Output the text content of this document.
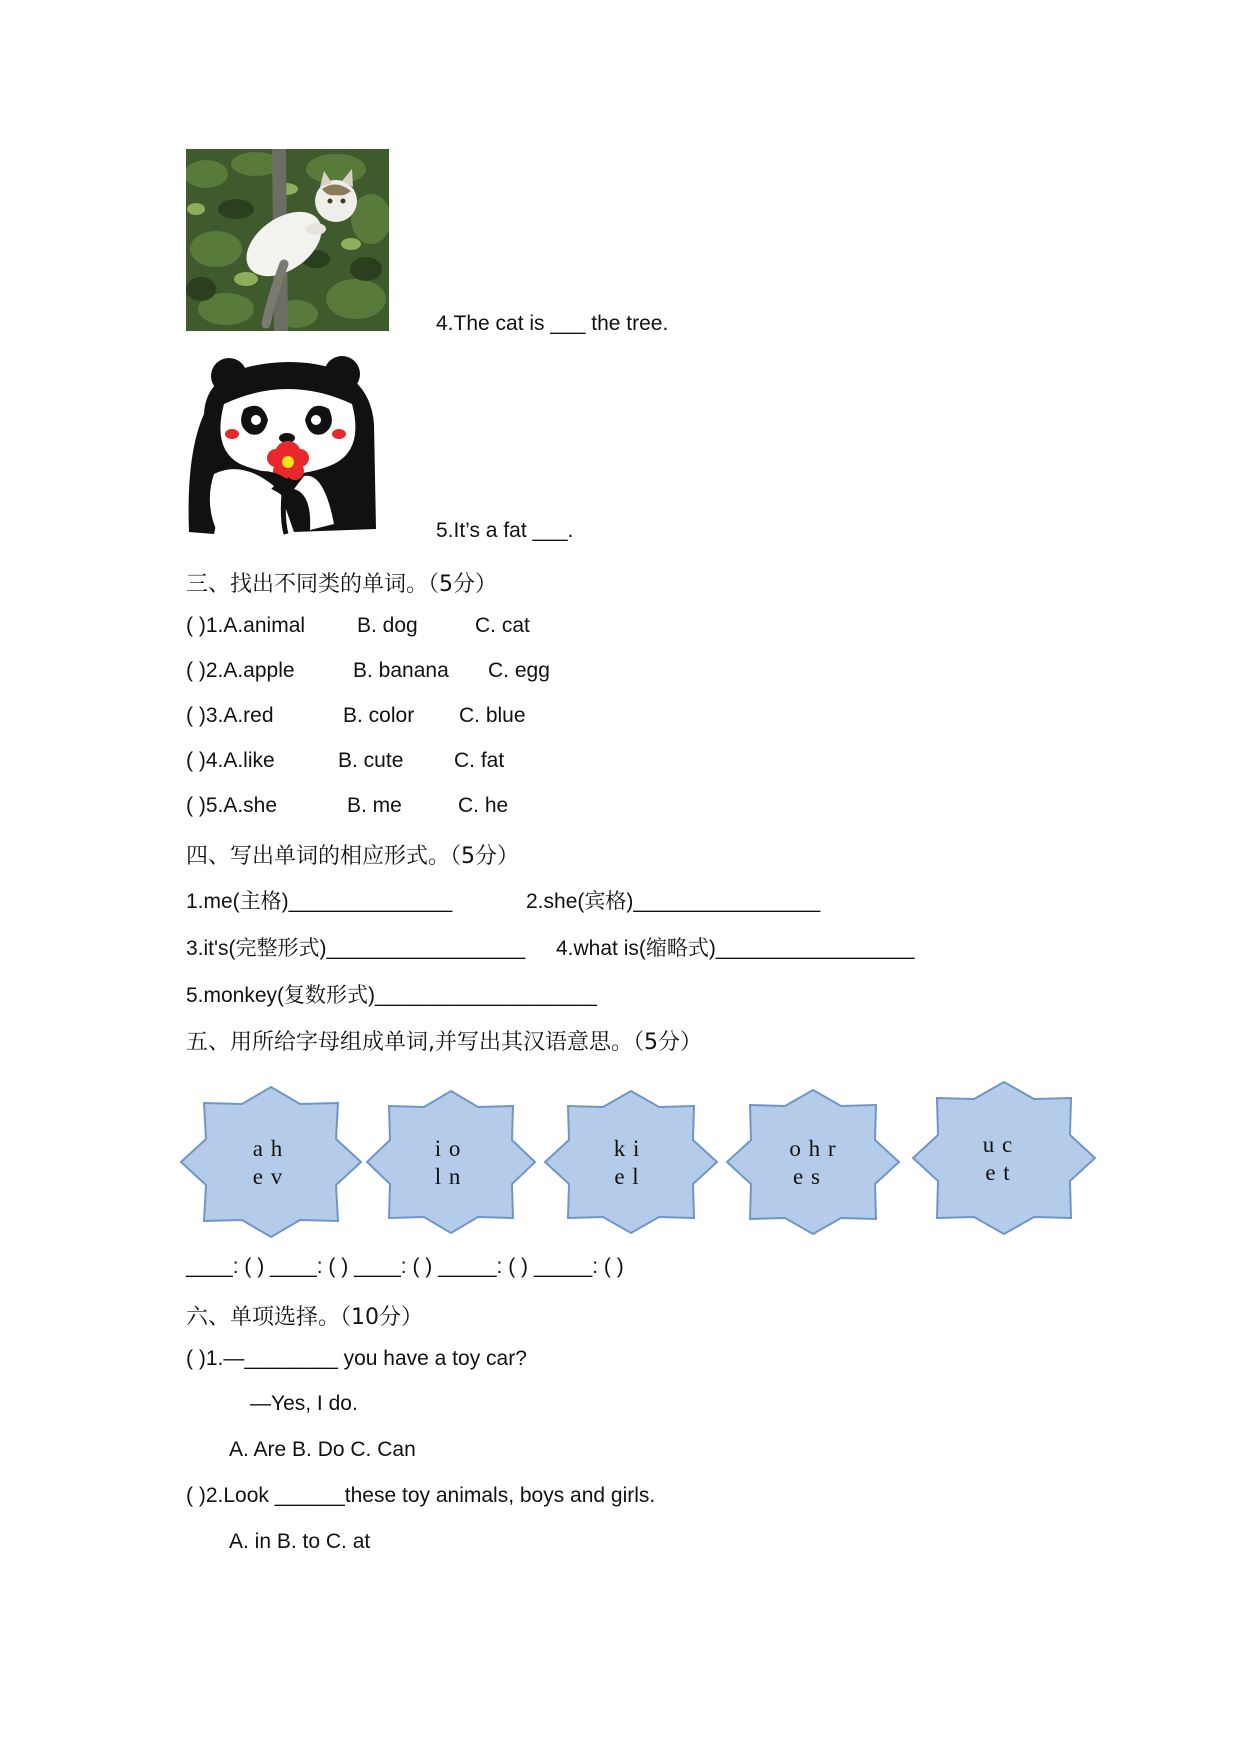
4.The cat is ___ the tree.
5.It’s a fat ___.
三、找出不同类的单词。（5分）
( )1.A.animal B. dog	C. cat
( )2.A.apple	B. banana C. egg
( )3.A.red	B. color C. blue
( )4.A.like	B. cute C. fat
( )5.A.she	B. me	C. he
四、写出单词的相应形式。（5分）
1.me(主格)______________	2.she(宾格)________________
3.it's(完整形式)_________________ 4.what is(缩略式)_________________
5.monkey(复数形式)___________________
五、用所给字母组成单词,并写出其汉语意思。（5分）
a h
e v
i o
l n
k i
e l
o h r
e s
u c
e t
____: ( ) ____: ( ) ____: ( ) _____: ( ) _____: ( )
六、单项选择。（10分）
( )1.—________ you have a toy car?
—Yes, I do.
A. Are B. Do C. Can
( )2.Look ______these toy animals, boys and girls.
A. in B. to C. at
